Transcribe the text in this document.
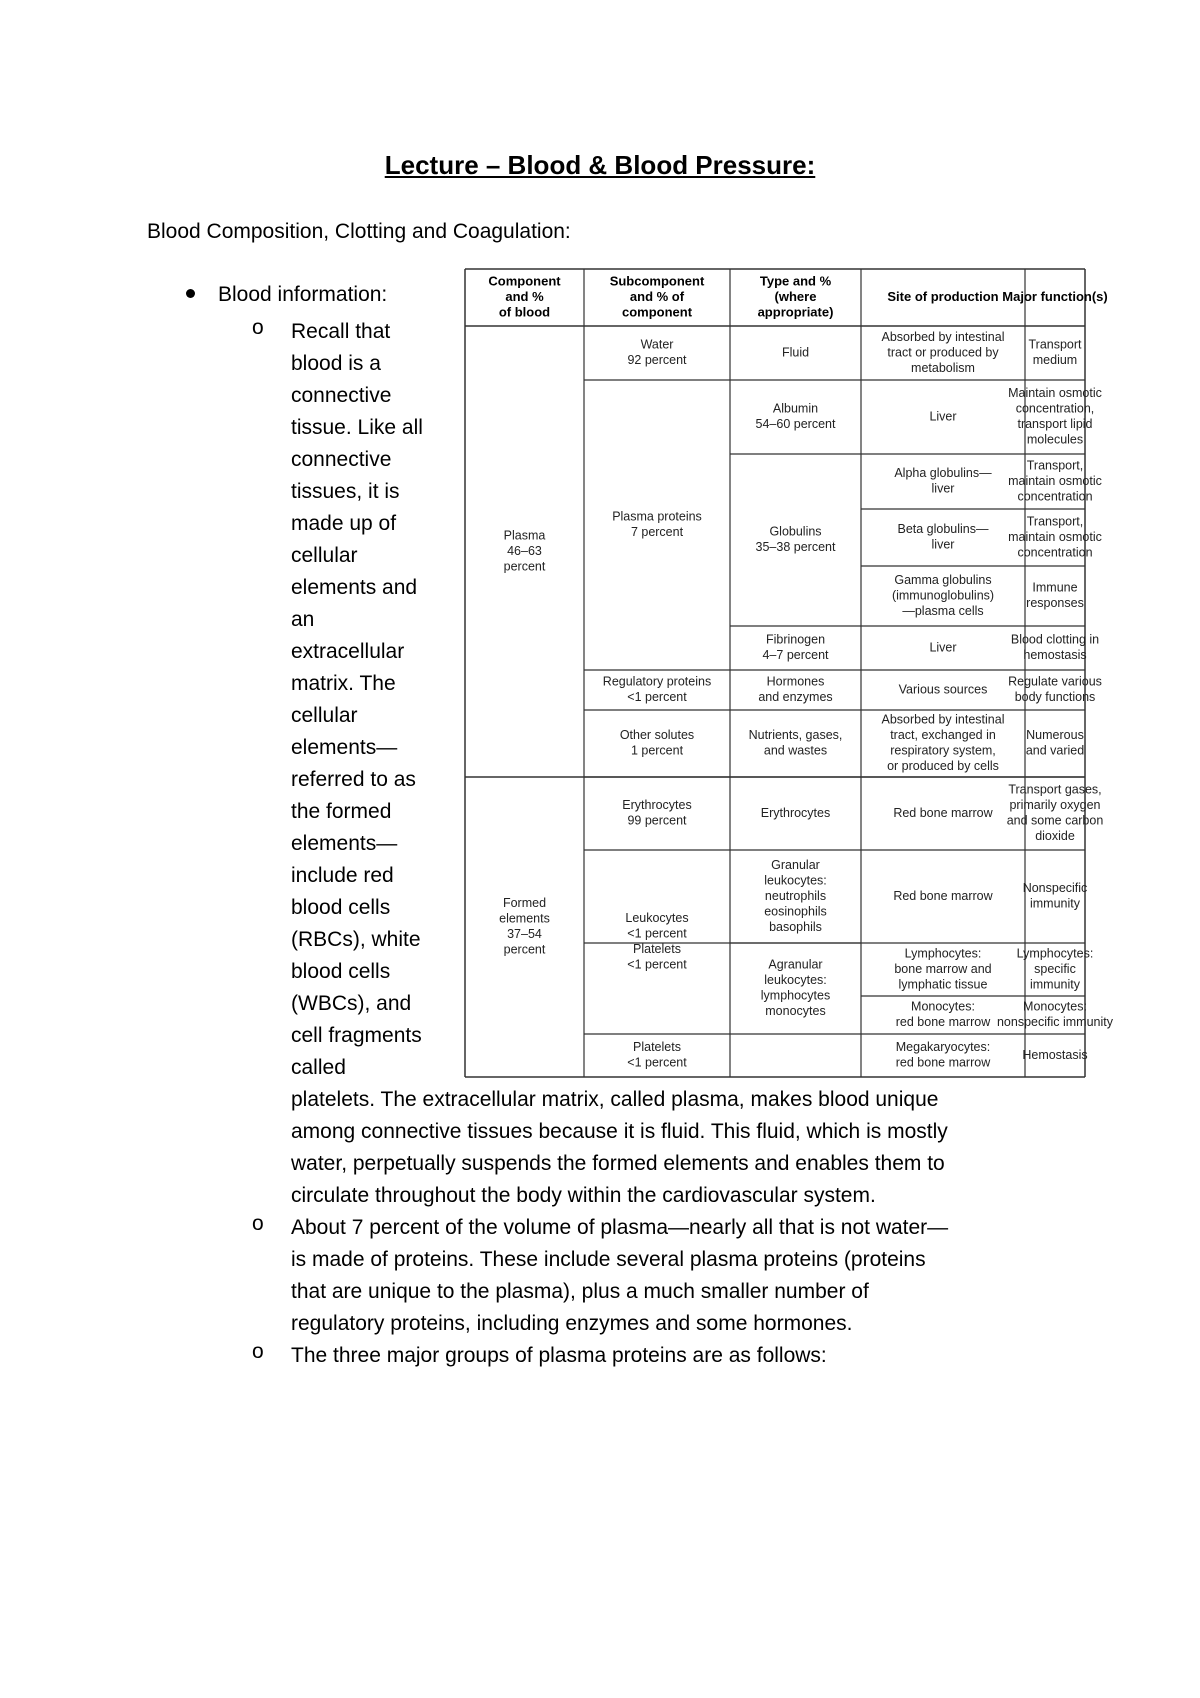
Lecture – Blood & Blood Pressure:
Blood Composition, Clotting and Coagulation:
Blood information:
o Recall that
blood is a
connective
tissue. Like all
connective
tissues, it is
made up of
cellular
elements and
an
extracellular
matrix. The
cellular
elements—
referred to as
the formed
elements—
include red
blood cells
(RBCs), white
blood cells
(WBCs), and
cell fragments
called
platelets. The extracellular matrix, called plasma, makes blood unique
among connective tissues because it is fluid. This fluid, which is mostly
water, perpetually suspends the formed elements and enables them to
circulate throughout the body within the cardiovascular system.
o About 7 percent of the volume of plasma—nearly all that is not water—
is made of proteins. These include several plasma proteins (proteins
that are unique to the plasma), plus a much smaller number of
regulatory proteins, including enzymes and some hormones.
o The three major groups of plasma proteins are as follows:
Component
and %
of blood
Subcomponent
and % of
component
Type and %
(where
appropriate)
Site of production Major function(s)
Plasma
46–63
percent
Formed
elements
37–54
percent
Water
92 percent
Plasma proteins
7 percent
Regulatory proteins
<1 percent
Other solutes
1 percent
Erythrocytes
99 percent
Leukocytes
<1 percent
Platelets
<1 percent
Platelets
<1 percent
Fluid
Albumin
54–60 percent
Globulins
35–38 percent
Fibrinogen
4–7 percent
Hormones
and enzymes
Nutrients, gases,
and wastes
Erythrocytes
Granular
leukocytes:
neutrophils
eosinophils
basophils
Agranular
leukocytes:
lymphocytes
monocytes
Absorbed by intestinal
tract or produced by
metabolism
Liver
Alpha globulins—
liver
Beta globulins—
liver
Gamma globulins
(immunoglobulins)
—plasma cells
Liver
Various sources
Absorbed by intestinal
tract, exchanged in
respiratory system,
or produced by cells
Red bone marrow
Red bone marrow
Lymphocytes:
bone marrow and
lymphatic tissue
Monocytes:
red bone marrow
Megakaryocytes:
red bone marrow
Transport
medium
Maintain osmotic
concentration,
transport lipid
molecules
Transport,
maintain osmotic
concentration
Transport,
maintain osmotic
concentration
Immune
responses
Blood clotting in
hemostasis
Regulate various
body functions
Numerous
and varied
Transport gases,
primarily oxygen
and some carbon
dioxide
Nonspecific
immunity
Lymphocytes:
specific
immunity
Monocytes:
nonspecific immunity
Hemostasis
